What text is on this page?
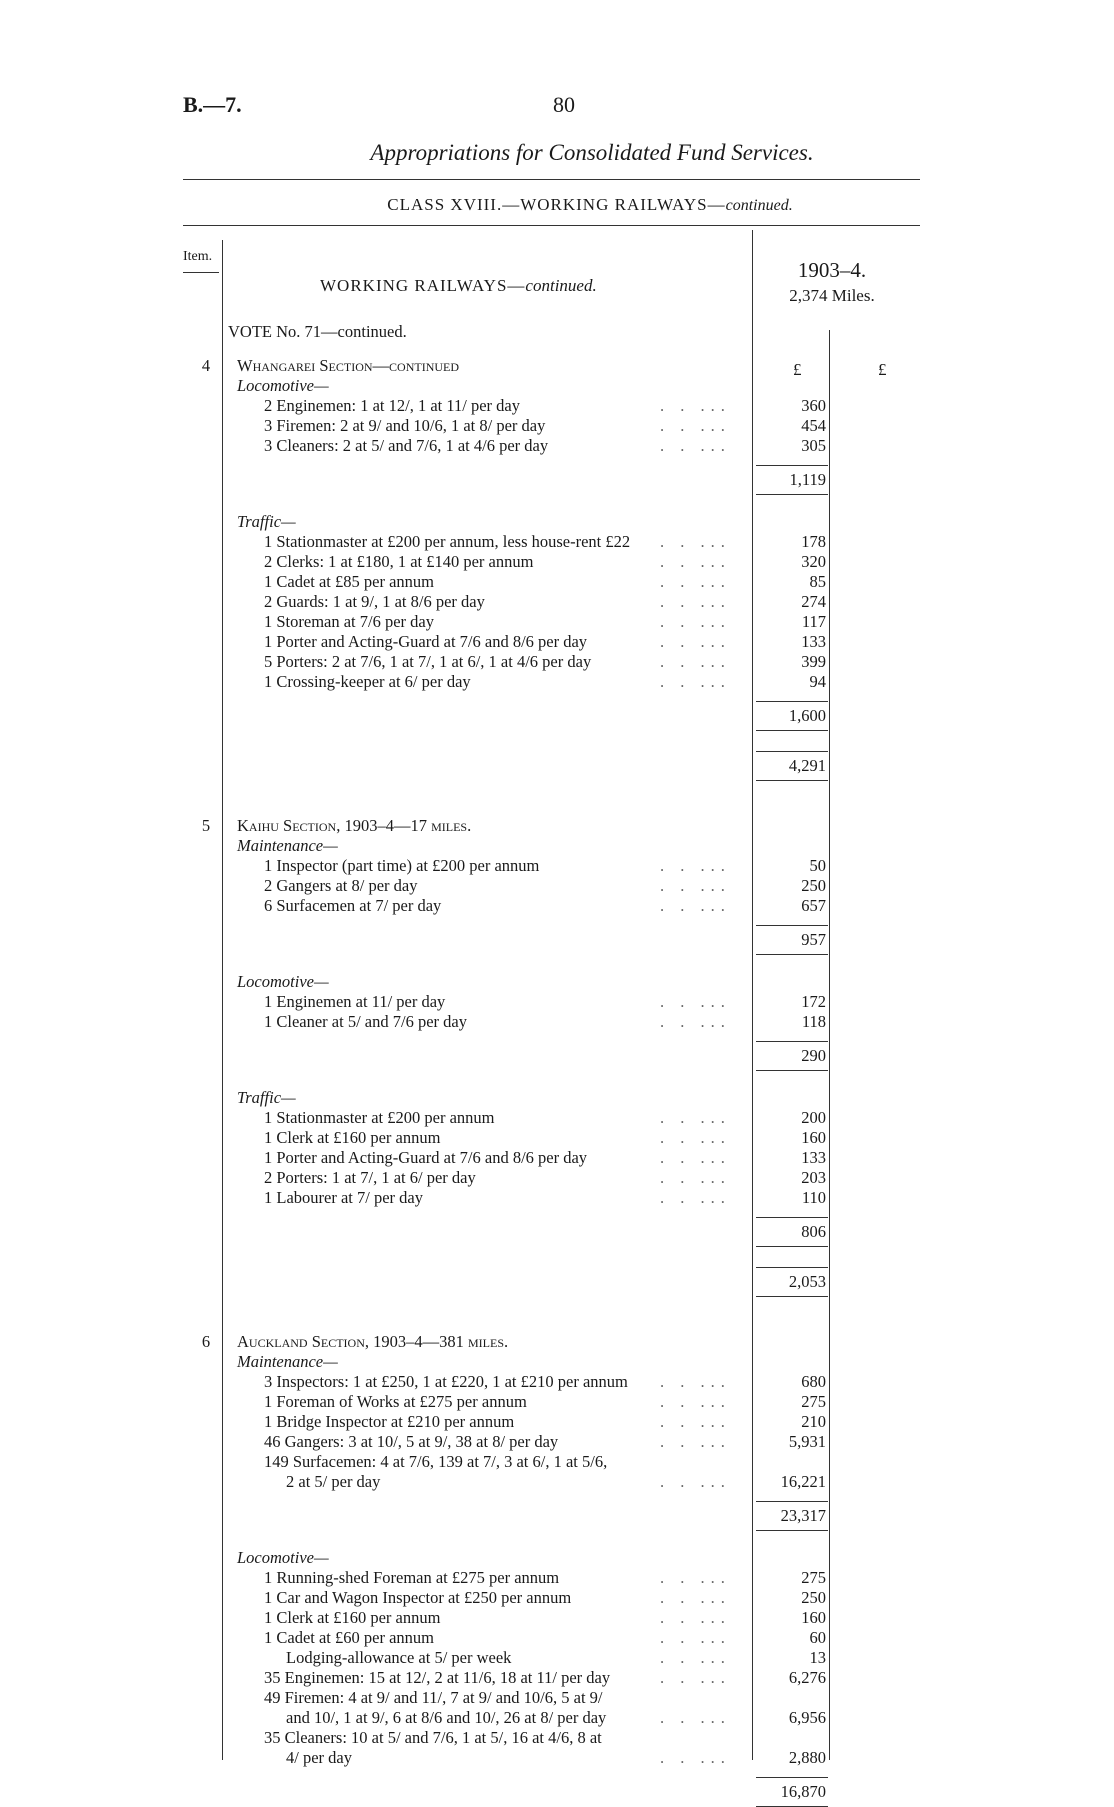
B.—7.	80
Appropriations for Consolidated Fund Services.
CLASS XVIII.—WORKING RAILWAYS—continued.
Item.
WORKING RAILWAYS—continued.
1903–4.
2,374 Miles.
£	£
VOTE No. 71—continued.
4	Whangarei Section—continued
Locomotive—
2 Enginemen: 1 at 12/, 1 at 11/ per day	. . ...	360
3 Firemen: 2 at 9/ and 10/6, 1 at 8/ per day	. . ...	454
3 Cleaners: 2 at 5/ and 7/6, 1 at 4/6 per day	. . ...	305
1,119
Traffic—
1 Stationmaster at £200 per annum, less house-rent £22 . . ...	178
2 Clerks: 1 at £180, 1 at £140 per annum	. . ...	320
1 Cadet at £85 per annum	. . ...	85
2 Guards: 1 at 9/, 1 at 8/6 per day	. . ...	274
1 Storeman at 7/6 per day	. . ...	117
1 Porter and Acting-Guard at 7/6 and 8/6 per day	. . ...	133
5 Porters: 2 at 7/6, 1 at 7/, 1 at 6/, 1 at 4/6 per day	. . ...	399
1 Crossing-keeper at 6/ per day	. . ...	94
1,600
4,291
5	Kaihu Section, 1903–4—17 miles.
Maintenance—
1 Inspector (part time) at £200 per annum	. . ...	50
2 Gangers at 8/ per day	. . ...	250
6 Surfacemen at 7/ per day	. . ...	657
957
Locomotive—
1 Enginemen at 11/ per day	. . ...	172
1 Cleaner at 5/ and 7/6 per day	. . ...	118
290
Traffic—
1 Stationmaster at £200 per annum	. . ...	200
1 Clerk at £160 per annum	. . ...	160
1 Porter and Acting-Guard at 7/6 and 8/6 per day	. . ...	133
2 Porters: 1 at 7/, 1 at 6/ per day	. . ...	203
1 Labourer at 7/ per day	. . ...	110
806
2,053
6	Auckland Section, 1903–4—381 miles.
Maintenance—
3 Inspectors: 1 at £250, 1 at £220, 1 at £210 per annum . . ...	680
1 Foreman of Works at £275 per annum	. . ...	275
1 Bridge Inspector at £210 per annum	. . ...	210
46 Gangers: 3 at 10/, 5 at 9/, 38 at 8/ per day	. . ...	5,931
149 Surfacemen: 4 at 7/6, 139 at 7/, 3 at 6/, 1 at 5/6,
2 at 5/ per day	. . ...	16,221
23,317
Locomotive—
1 Running-shed Foreman at £275 per annum	. . ...	275
1 Car and Wagon Inspector at £250 per annum	. . ...	250
1 Clerk at £160 per annum	. . ...	160
1 Cadet at £60 per annum	. . ...	60
Lodging-allowance at 5/ per week	. . ...	13
35 Enginemen: 15 at 12/, 2 at 11/6, 18 at 11/ per day	. . ...	6,276
49 Firemen: 4 at 9/ and 11/, 7 at 9/ and 10/6, 5 at 9/
and 10/, 1 at 9/, 6 at 8/6 and 10/, 26 at 8/ per day	. . ...	6,956
35 Cleaners: 10 at 5/ and 7/6, 1 at 5/, 16 at 4/6, 8 at
4/ per day	. . ...	2,880
16,870
